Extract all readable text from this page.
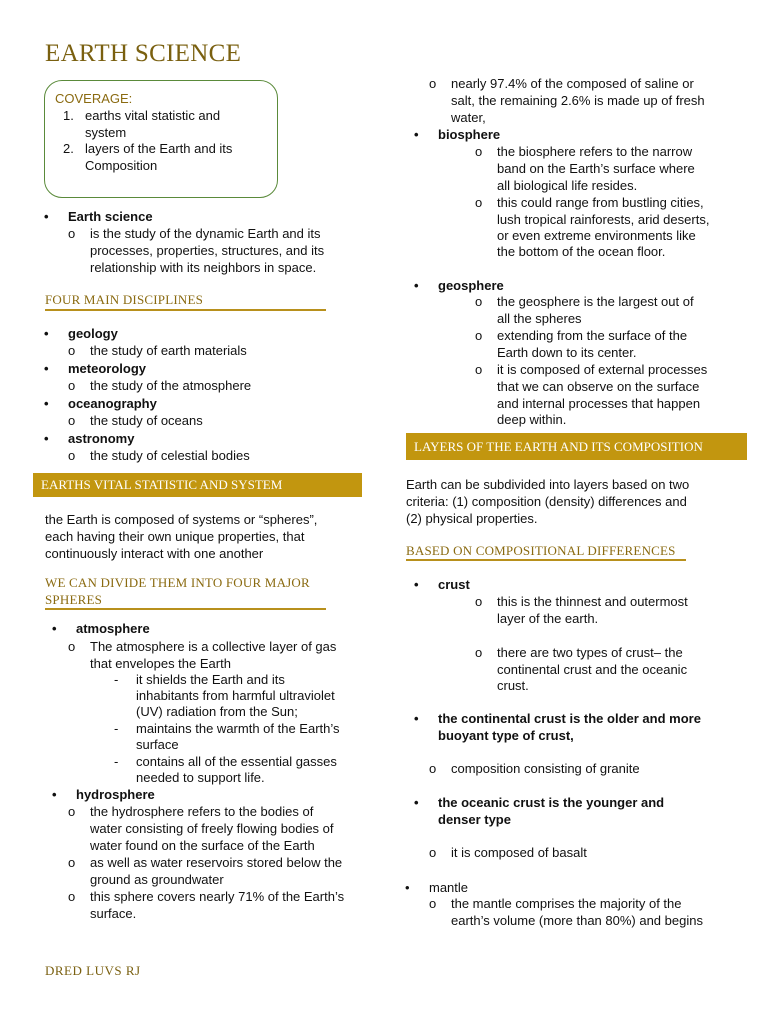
EARTH SCIENCE
COVERAGE:
1. earths vital statistic and
system
2. layers of the Earth and its
Composition
• Earth science
o is the study of the dynamic Earth and its
processes, properties, structures, and its
relationship with its neighbors in space.
FOUR MAIN DISCIPLINES
• geology
o the study of earth materials
• meteorology
o the study of the atmosphere
• oceanography
o the study of oceans
• astronomy
o the study of celestial bodies
EARTHS VITAL STATISTIC AND SYSTEM
the Earth is composed of systems or “spheres”,
each having their own unique properties, that
continuously interact with one another
WE CAN DIVIDE THEM INTO FOUR MAJOR
SPHERES
• atmosphere
o The atmosphere is a collective layer of gas
that envelopes the Earth
- it shields the Earth and its
inhabitants from harmful ultraviolet
(UV) radiation from the Sun;
- maintains the warmth of the Earth’s
surface
- contains all of the essential gasses
needed to support life.
• hydrosphere
o the hydrosphere refers to the bodies of
water consisting of freely flowing bodies of
water found on the surface of the Earth
o as well as water reservoirs stored below the
ground as groundwater
o this sphere covers nearly 71% of the Earth’s
surface.
DRED LUVS RJ
o nearly 97.4% of the composed of saline or
salt, the remaining 2.6% is made up of fresh
water,
• biosphere
o the biosphere refers to the narrow
band on the Earth’s surface where
all biological life resides.
o this could range from bustling cities,
lush tropical rainforests, arid deserts,
or even extreme environments like
the bottom of the ocean floor.
• geosphere
o the geosphere is the largest out of
all the spheres
o extending from the surface of the
Earth down to its center.
o it is composed of external processes
that we can observe on the surface
and internal processes that happen
deep within.
LAYERS OF THE EARTH AND ITS COMPOSITION
Earth can be subdivided into layers based on two
criteria: (1) composition (density) differences and
(2) physical properties.
BASED ON COMPOSITIONAL DIFFERENCES
• crust
o this is the thinnest and outermost
layer of the earth.
o there are two types of crust– the
continental crust and the oceanic
crust.
• the continental crust is the older and more
buoyant type of crust,
o composition consisting of granite
• the oceanic crust is the younger and
denser type
o it is composed of basalt
• mantle
o the mantle comprises the majority of the
earth’s volume (more than 80%) and begins
